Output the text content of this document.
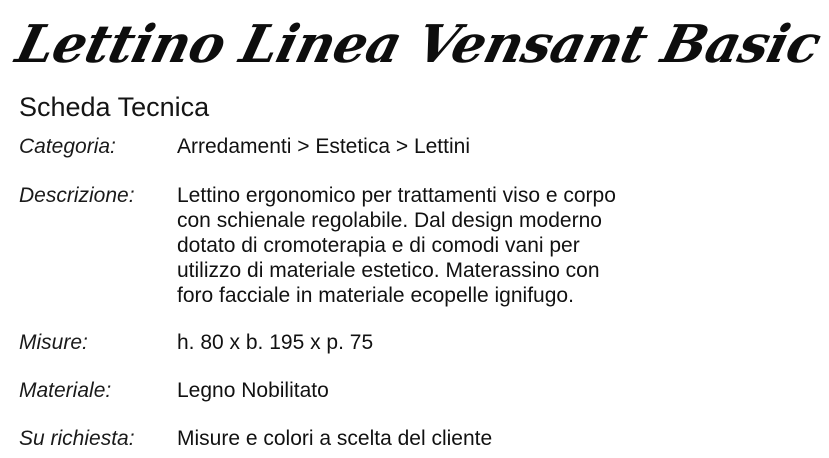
Lettino Linea Vensant Basic
Scheda Tecnica
Categoria:	Arredamenti > Estetica > Lettini
Descrizione: Lettino ergonomico per trattamenti viso e corpo
con schienale regolabile. Dal design moderno
dotato di cromoterapia e di comodi vani per
utilizzo di materiale estetico. Materassino con
foro facciale in materiale ecopelle ignifugo.
Misure:	h. 80 x b. 195 x p. 75
Materiale:	Legno Nobilitato
Su richiesta: Misure e colori a scelta del cliente
